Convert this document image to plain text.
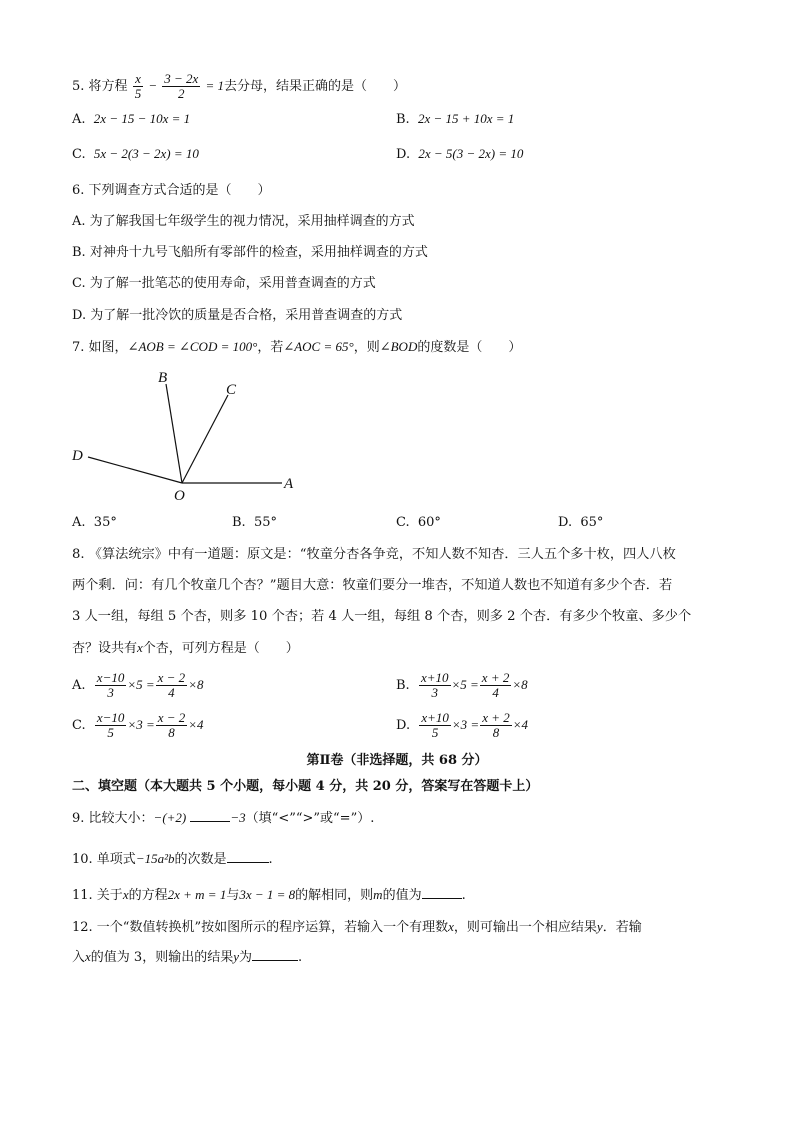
5. 将方程 $\frac{x}{5} - \frac{3 - 2x}{2} = 1$去分母，结果正确的是（　　）
A. 2x − 15 − 10x = 1	B. 2x − 15 + 10x = 1
C. 5x − 2(3 − 2x) = 10	D. 2x − 5(3 − 2x) = 10
6. 下列调查方式合适的是（　　）
A. 为了解我国七年级学生的视力情况，采用抽样调查的方式
B. 对神舟十九号飞船所有零部件的检查，采用抽样调查的方式
C. 为了解一批笔芯的使用寿命，采用普查调查的方式
D. 为了解一批冷饮的质量是否合格，采用普查调查的方式
7. 如图，∠AOB = ∠COD = 100°，若∠AOC = 65°，则∠BOD的度数是（　　）
B
C
D
O
A
A. 35°	B. 55°	C. 60°	D. 65°
8. 《算法统宗》中有一道题：原文是：“牧童分杏各争竞，不知人数不知杏．三人五个多十枚，四人八枚
两个剩．问：有几个牧童几个杏？”题目大意：牧童们要分一堆杏，不知道人数也不知道有多少个杏．若
3 人一组，每组 5 个杏，则多 10 个杏；若 4 人一组，每组 8 个杏，则多 2 个杏．有多少个牧童、多少个
杏？设共有x个杏，可列方程是（　　）
A. $\frac{x-10}{3} \times 5 = \frac{x - 2}{4} \times 8$	B. $\frac{x+10}{3} \times 5 = \frac{x + 2}{4} \times 8$
C. $\frac{x-10}{5} \times 3 = \frac{x - 2}{8} \times 4$	D. $\frac{x+10}{5} \times 3 = \frac{x + 2}{8} \times 4$
第Ⅱ卷（非选择题，共 68 分）
二、填空题（本大题共 5 个小题，每小题 4 分，共 20 分，答案写在答题卡上）
9. 比较大小：−(+2)	−3（填“<”“>”或“=”）.
10. 单项式−15a²b的次数是	.
11. 关于x的方程2x + m = 1与3x − 1 = 8的解相同，则m的值为	.
12. 一个“数值转换机”按如图所示的程序运算，若输入一个有理数x，则可输出一个相应结果y．若输
入x的值为 3，则输出的结果y为	.
